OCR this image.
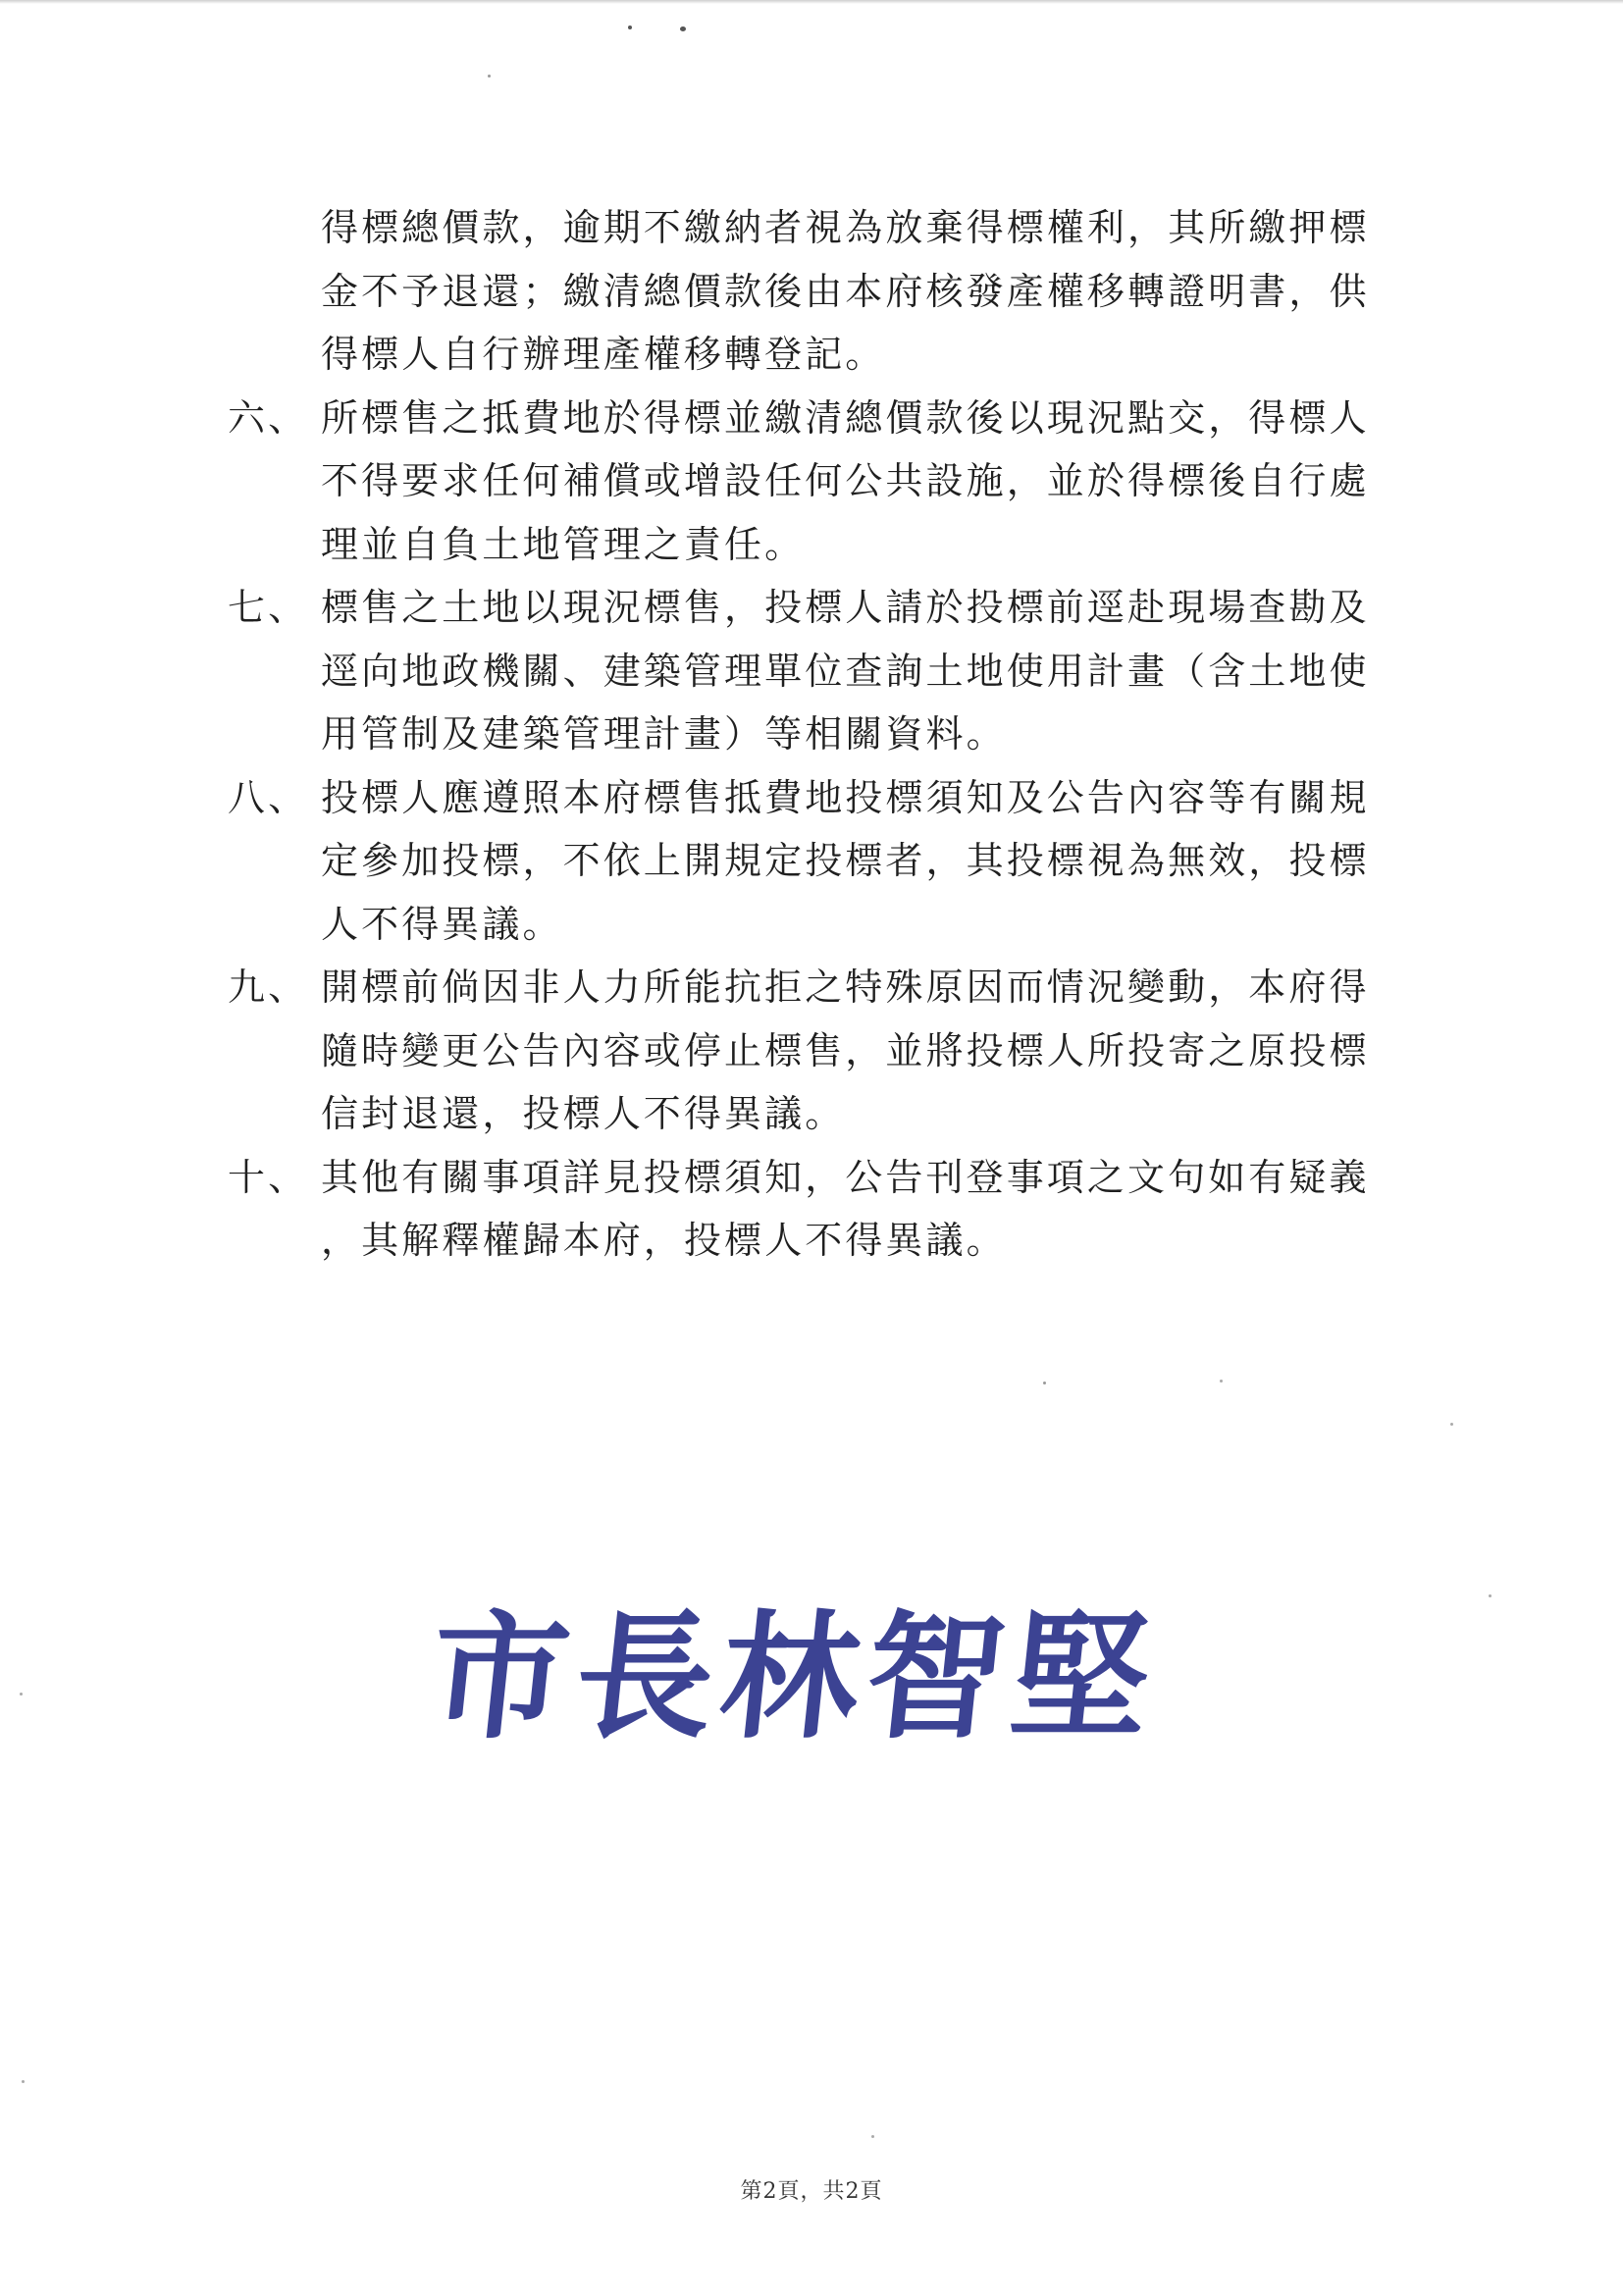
得標總價款，逾期不繳納者視為放棄得標權利，其所繳押標
金不予退還；繳清總價款後由本府核發產權移轉證明書，供
得標人自行辦理產權移轉登記。
六、 所標售之抵費地於得標並繳清總價款後以現況點交，得標人
不得要求任何補償或增設任何公共設施，並於得標後自行處
理並自負土地管理之責任。
七、 標售之土地以現況標售，投標人請於投標前逕赴現場查勘及
逕向地政機關、建築管理單位查詢土地使用計畫（含土地使
用管制及建築管理計畫）等相關資料。
八、 投標人應遵照本府標售抵費地投標須知及公告內容等有關規
定參加投標，不依上開規定投標者，其投標視為無效，投標
人不得異議。
九、 開標前倘因非人力所能抗拒之特殊原因而情況變動，本府得
隨時變更公告內容或停止標售，並將投標人所投寄之原投標
信封退還，投標人不得異議。
十、 其他有關事項詳見投標須知，公告刊登事項之文句如有疑義
，其解釋權歸本府，投標人不得異議。
市長林智堅
第2頁，共2頁
